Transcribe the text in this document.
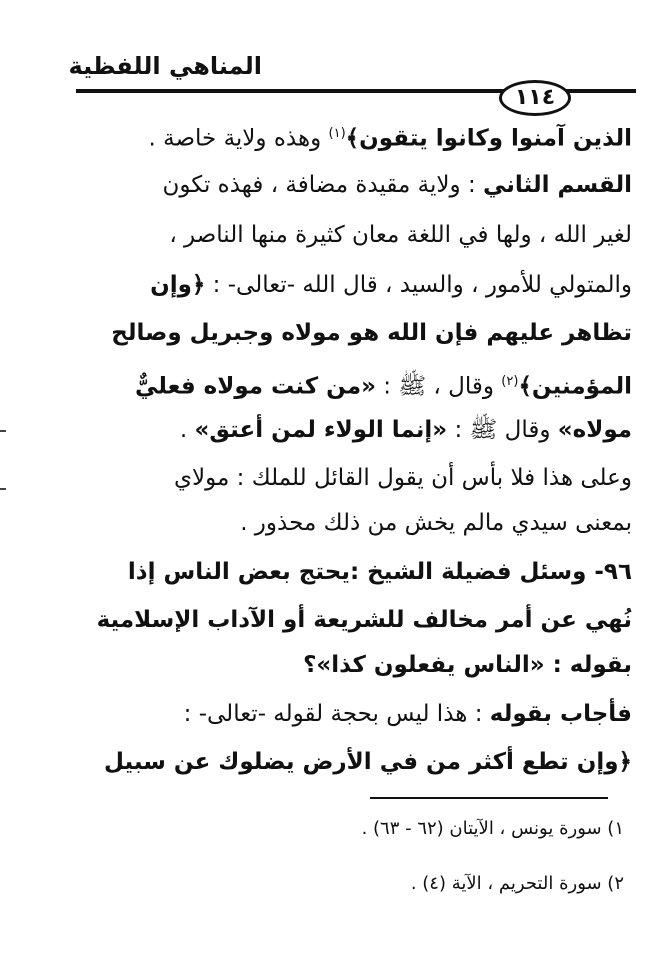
المناهي اللفظية
١١٤
الذين آمنوا وكانوا يتقون﴾$^{(١)}$ وهذه ولاية خاصة .
القسم الثاني : ولاية مقيدة مضافة ، فهذه تكون
لغير الله ، ولها في اللغة معان كثيرة منها الناصر ،
والمتولي للأمور ، والسيد ، قال الله -تعالى- : ﴿وإن
تظاهر عليهم فإن الله هو مولاه وجبريل وصالح
المؤمنين﴾$^{(٢)}$ وقال ، ﷺ : «من كنت مولاه فعليٌّ
مولاه» وقال ﷺ : «إنما الولاء لمن أعتق» .
وعلى هذا فلا بأس أن يقول القائل للملك : مولاي
بمعنى سيدي مالم يخش من ذلك محذور .
٩٦- وسئل فضيلة الشيخ :يحتج بعض الناس إذا
نُهي عن أمر مخالف للشريعة أو الآداب الإسلامية
بقوله : «الناس يفعلون كذا»؟
فأجاب بقوله : هذا ليس بحجة لقوله -تعالى- :
﴿وإن تطع أكثر من في الأرض يضلوك عن سبيل
١) سورة يونس ، الآيتان (٦٢ - ٦٣) .
٢) سورة التحريم ، الآية (٤) .
